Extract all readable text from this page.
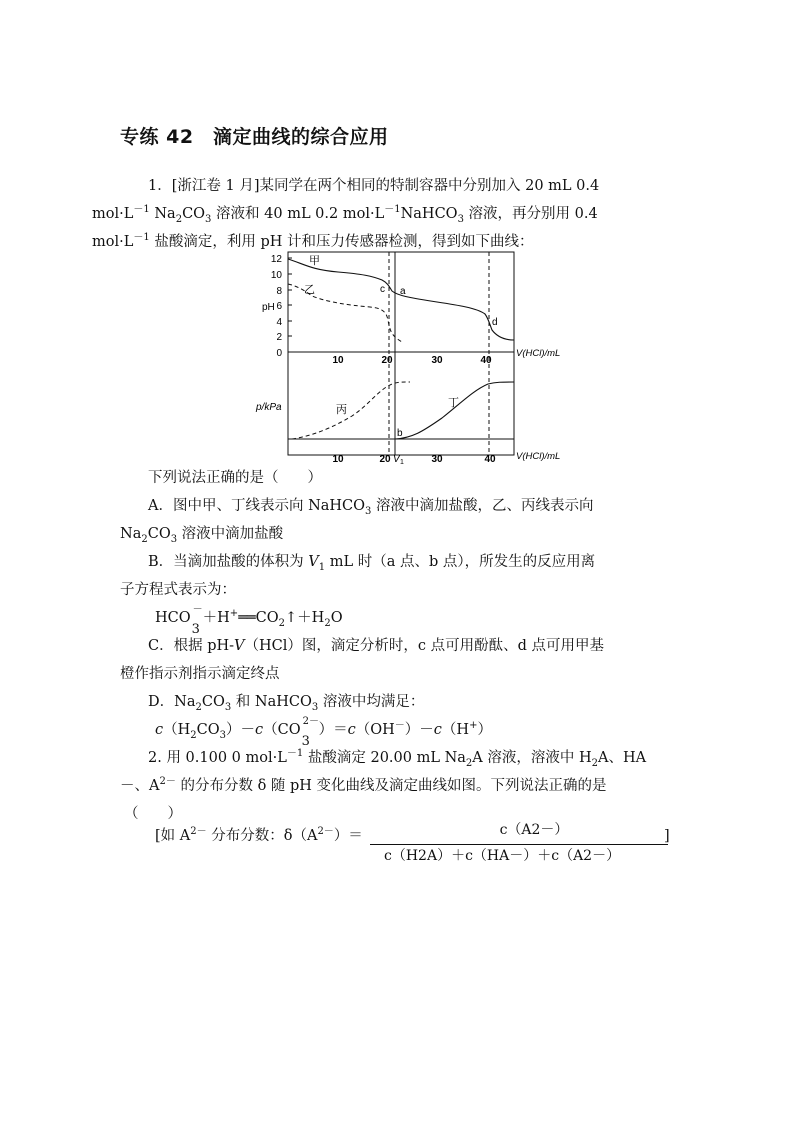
专练 42　滴定曲线的综合应用
1．[浙江卷 1 月]某同学在两个相同的特制容器中分别加入 20 mL 0.4
$mol\cdot L^{-1}$ $Na_2CO_3$ 溶液和 40 mL 0.2 $mol\cdot L^{-1}NaHCO_3$ 溶液，再分别用 0.4
$mol\cdot L^{-1}$ 盐酸滴定，利用 pH 计和压力传感器检测，得到如下曲线：
12
10
8
6
4
2
0
pH
10	20	30	40
V(HCl)/mL
甲
乙	c a
d
p/kPa	丙
丁
b
10	20 V 1	30	40 V(HCl)/mL
下列说法正确的是（　　）
A．图中甲、丁线表示向 NaHCO$_3$ 溶液中滴加盐酸，乙、丙线表示向
$Na_2CO_3$ 溶液中滴加盐酸
B．当滴加盐酸的体积为 $V_1$ mL 时（a 点、b 点），所发生的反应用离
子方程式表示为：
HCO
－
3
$+H^+══CO_2↑+H_2O$
C．根据 pH-V（HCl）图，滴定分析时，c 点可用酚酞、d 点可用甲基
橙作指示剂指示滴定终点
D．$Na_2CO_3$ 和 NaHCO$_3$ 溶液中均满足：
$c(H_2CO_3)-c(CO$
2－
3
）＝c（OH－）－c（H+）
2. 用 0.100 0 $mol\cdot L^{-1}$ 盐酸滴定 20.00 mL $Na_2A$ 溶液，溶液中 $H_2A$、HA
－、$A^{2-}$ 的分布分数 δ 随 pH 变化曲线及滴定曲线如图。下列说法正确的是
（　　）
[如 $A^{2-}$ 分布分数：$\delta(A^{2-})=$	c（A2－）
c（H2A）＋c（HA－）＋c（A2－）
]
